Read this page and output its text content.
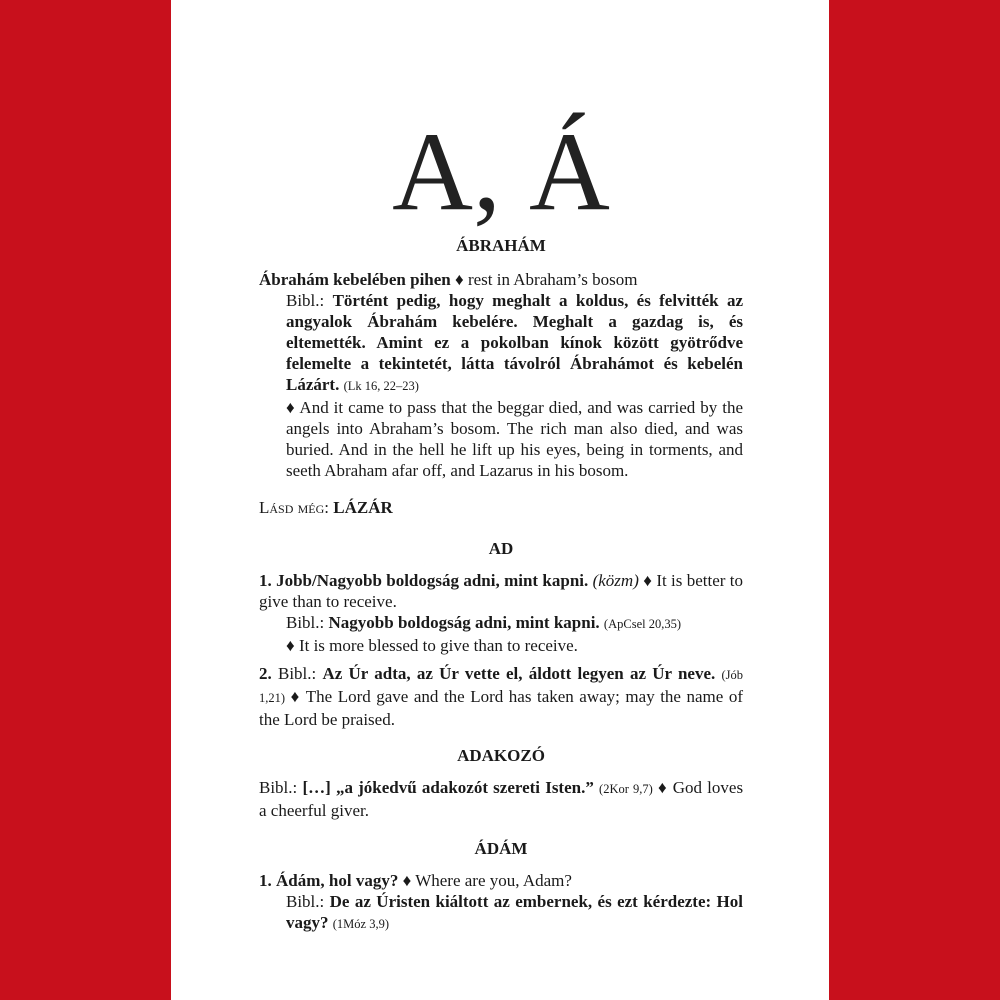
A, Á
ÁBRAHÁM
Ábrahám kebelében pihen ♦ rest in Abraham’s bosom
Bibl.: Történt pedig, hogy meghalt a koldus, és felvitték az angyalok Ábrahám kebelére. Meghalt a gazdag is, és eltemették. Amint ez a pokolban kínok között gyötrődve felemelte a tekintetét, látta távolról Ábrahámot és kebelén Lázárt. (Lk 16, 22–23)
♦ And it came to pass that the beggar died, and was carried by the angels into Abraham’s bosom. The rich man also died, and was buried. And in the hell he lift up his eyes, being in torments, and seeth Abraham afar off, and Lazarus in his bosom.
Lásd még: LÁZÁR
AD
1. Jobb/Nagyobb boldogság adni, mint kapni. (közm) ♦ It is better to give than to receive.
Bibl.: Nagyobb boldogság adni, mint kapni. (ApCsel 20,35)
♦ It is more blessed to give than to receive.
2. Bibl.: Az Úr adta, az Úr vette el, áldott legyen az Úr neve. (Jób 1,21) ♦ The Lord gave and the Lord has taken away; may the name of the Lord be praised.
ADAKOZÓ
Bibl.: […] „a jókedvű adakozót szereti Isten.” (2Kor 9,7) ♦ God loves a cheerful giver.
ÁDÁM
1. Ádám, hol vagy? ♦ Where are you, Adam?
Bibl.: De az Úristen kiáltott az embernek, és ezt kérdezte: Hol vagy? (1Móz 3,9)
